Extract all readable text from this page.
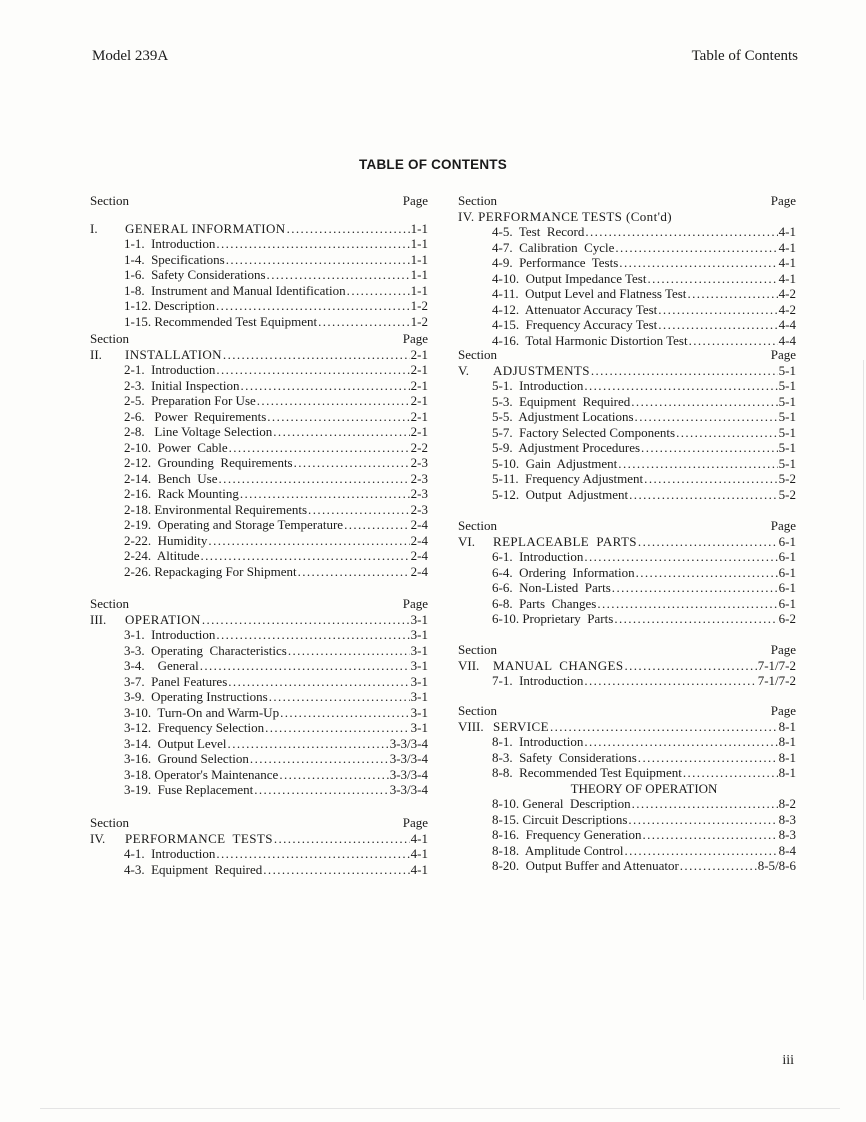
Model 239A	Table of Contents
TABLE OF CONTENTS
Section	Page
I.	GENERAL INFORMATION .....	1-1
1-1.  Introduction .....	1-1
1-4.  Specifications .....	1-1
1-6.  Safety Considerations .....	1-1
1-8.  Instrument and Manual Identification .....	1-1
1-12. Description .....	1-2
1-15. Recommended Test Equipment .....	1-2
Section	Page
II.	INSTALLATION .....	2-1
2-1.  Introduction .....	2-1
2-3.  Initial Inspection .....	2-1
2-5.  Preparation For Use .....	2-1
2-6.   Power  Requirements .....	2-1
2-8.   Line Voltage Selection .....	2-1
2-10.  Power  Cable .....	2-2
2-12.  Grounding  Requirements .....	2-3
2-14.  Bench  Use .....	2-3
2-16.  Rack Mounting .....	2-3
2-18. Environmental Requirements .....	2-3
2-19.  Operating and Storage Temperature .....	2-4
2-22.  Humidity .....	2-4
2-24.  Altitude .....	2-4
2-26. Repackaging For Shipment .....	2-4
Section	Page
III.	OPERATION .....	3-1
3-1.  Introduction .....	3-1
3-3.  Operating  Characteristics .....	3-1
3-4.    General .....	3-1
3-7.  Panel Features .....	3-1
3-9.  Operating Instructions .....	3-1
3-10.  Turn-On and Warm-Up .....	3-1
3-12.  Frequency Selection .....	3-1
3-14.  Output Level .....	3-3/3-4
3-16.  Ground Selection .....	3-3/3-4
3-18. Operator's Maintenance .....	3-3/3-4
3-19.  Fuse Replacement .....	3-3/3-4
Section	Page
IV.	PERFORMANCE  TESTS .....	4-1
4-1.  Introduction .....	4-1
4-3.  Equipment  Required .....	4-1
Section	Page
IV. PERFORMANCE TESTS (Cont'd)
4-5.  Test  Record .....	4-1
4-7.  Calibration  Cycle .....	4-1
4-9.  Performance  Tests .....	4-1
4-10.  Output Impedance Test .....	4-1
4-11.  Output Level and Flatness Test .....	4-2
4-12.  Attenuator Accuracy Test .....	4-2
4-15.  Frequency Accuracy Test .....	4-4
4-16.  Total Harmonic Distortion Test .....	4-4
Section	Page
V.	ADJUSTMENTS .....	5-1
5-1.  Introduction .....	5-1
5-3.  Equipment  Required .....	5-1
5-5.  Adjustment Locations .....	5-1
5-7.  Factory Selected Components .....	5-1
5-9.  Adjustment Procedures .....	5-1
5-10.  Gain  Adjustment .....	5-1
5-11.  Frequency Adjustment .....	5-2
5-12.  Output  Adjustment .....	5-2
Section	Page
VI.	REPLACEABLE  PARTS .....	6-1
6-1.  Introduction .....	6-1
6-4.  Ordering  Information .....	6-1
6-6.  Non-Listed  Parts .....	6-1
6-8.  Parts  Changes .....	6-1
6-10. Proprietary  Parts .....	6-2
Section	Page
VII.	MANUAL  CHANGES .....	7-1/7-2
7-1.  Introduction .....	7-1/7-2
Section	Page
VIII. SERVICE .....	8-1
8-1.  Introduction .....	8-1
8-3.  Safety  Considerations .....	8-1
8-8.  Recommended Test Equipment .....	8-1
THEORY OF OPERATION
8-10. General  Description .....	8-2
8-15. Circuit Descriptions .....	8-3
8-16.  Frequency Generation .....	8-3
8-18.  Amplitude Control .....	8-4
8-20.  Output Buffer and Attenuator .....	8-5/8-6
iii
